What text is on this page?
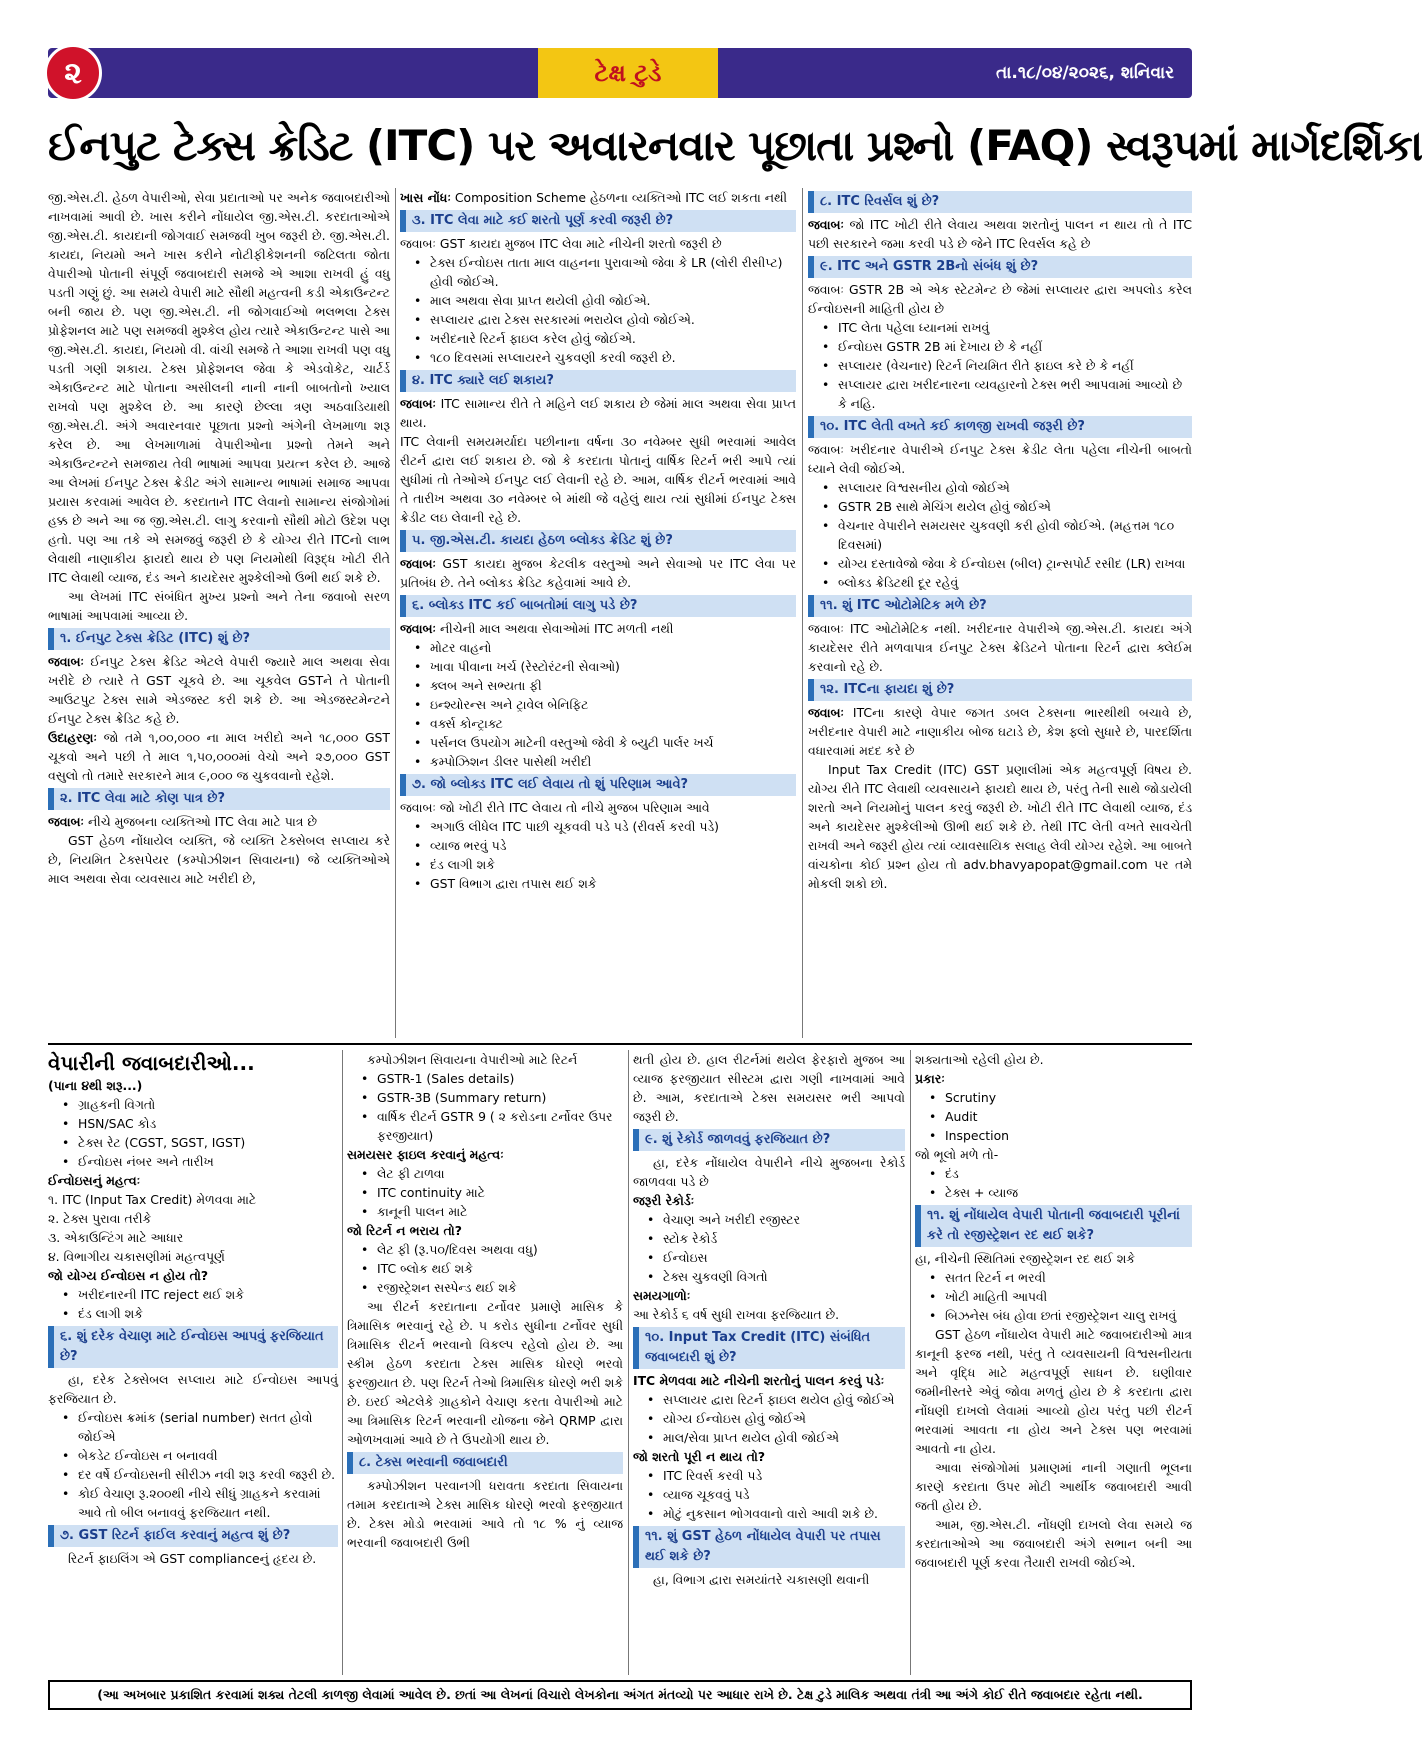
૨	ટેક્ષ ટુડે	તા.૧૮/૦૪/૨૦૨૬, શનિવાર
ઈનપુટ ટેક્સ ક્રેડિટ (ITC) પર અવારનવાર પૂછાતા પ્રશ્નો (FAQ) સ્વરૂપમાં માર્ગદર્શિકા

જી.એસ.ટી. હેઠળ વેપારીઓ, સેવા પ્રદાતાઓ પર અનેક જવાબદારીઓ નાખવામાં આવી છે. ખાસ કરીને નોંધાયેલ જી.એસ.ટી. કરદાતાઓએ જી.એસ.ટી. કાયદાની જોગવાઈ સમજવી ખુબ જરૂરી છે. જી.એસ.ટી. કાયદા, નિયમો અને ખાસ કરીને નોટીફીકેશનની જટિલતા જોતા વેપારીઓ પોતાની સંપૂર્ણ જવાબદારી સમજે એ આશા રાખવી હું વધુ પડતી ગણું છું. આ સમયે વેપારી માટે સૌથી મહત્વની કડી એકાઉન્ટન્ટ બની જાય છે. પણ જી.એસ.ટી. ની જોગવાઈઓ ભલભલા ટેક્સ પ્રોફેશનલ માટે પણ સમજવી મુશ્કેલ હોય ત્યારે એકાઉન્ટન્ટ પાસે આ જી.એસ.ટી. કાયદા, નિયમો વી. વાંચી સમજે તે આશા રાખવી પણ વધુ પડતી ગણી શકાય. ટેક્સ પ્રોફેશનલ જેવા કે એડવોકેટ, ચાર્ટર્ડ એકાઉન્ટન્ટ માટે પોતાના અસીલની નાની નાની બાબતોનો ખ્યાલ રાખવો પણ મુશ્કેલ છે. આ કારણે છેલ્લા ત્રણ અઠવાડિયાથી જી.એસ.ટી. અંગે અવારનવાર પૂછાતા પ્રશ્નો અંગેની લેખમાળા શરૂ કરેલ છે. આ લેખમાળામાં વેપારીઓના પ્રશ્નો તેમને અને એકાઉન્ટન્ટને સમજાય તેવી ભાષામાં આપવા પ્રયત્ન કરેલ છે. આજે આ લેખમાં ઈનપુટ ટેક્સ ક્રેડીટ અંગે સામાન્ય ભાષામાં સમાજ આપવા પ્રયાસ કરવામાં આવેલ છે. કરદાતાને ITC લેવાનો સામાન્ય સંજોગોમાં હક્ક છે અને આ જ જી.એસ.ટી. લાગુ કરવાનો સૌથી મોટો ઉદેશ પણ હતો. પણ આ તકે એ સમજવું જરૂરી છે કે યોગ્ય રીતે ITCનો લાભ લેવાથી નાણાકીય ફાયદો થાય છે પણ નિયમોથી વિરૂદ્ધ ખોટી રીતે ITC લેવાથી વ્યાજ, દંડ અને કાયદેસર મુશ્કેલીઓ ઉભી થઈ શકે છે.

આ લેખમાં ITC સંબંધિત મુખ્ય પ્રશ્નો અને તેના જવાબો સરળ ભાષામાં આપવામાં આવ્યા છે.

૧. ઈનપુટ ટેક્સ ક્રેડિટ (ITC) શું છે?

જવાબઃ ઈનપુટ ટેક્સ ક્રેડિટ એટલે વેપારી જ્યારે માલ અથવા સેવા ખરીદે છે ત્યારે તે GST ચૂકવે છે. આ ચૂકવેલ GSTને તે પોતાની આઉટપુટ ટેક્સ સામે એડજસ્ટ કરી શકે છે. આ એડજસ્ટમેન્ટને ઈનપુટ ટેક્સ ક્રેડિટ કહે છે.

ઉદાહરણઃ જો તમે ૧,૦૦,૦૦૦ ના માલ ખરીદો અને ૧૮,૦૦૦ GST ચૂકવો અને પછી તે માલ ૧,૫૦,૦૦૦માં વેચો અને ૨૭,૦૦૦ GST વસુલો તો તમારે સરકારને માત્ર ૯,૦૦૦ જ ચુકવવાનો રહેશે.

૨. ITC લેવા માટે કોણ પાત્ર છે?

જવાબઃ નીચે મુજબના વ્યક્તિઓ ITC લેવા માટે પાત્ર છે

GST હેઠળ નોંધાયેલ વ્યક્તિ, જે વ્યક્તિ ટેક્સેબલ સપ્લાય કરે છે, નિયમિત ટેક્સપેયર (કમ્પોઝીશન સિવાયના) જે વ્યક્તિઓએ માલ અથવા સેવા વ્યવસાય માટે ખરીદી છે,

ખાસ નોંધઃ Composition Scheme હેઠળના વ્યક્તિઓ ITC લઈ શકતા નથી

૩. ITC લેવા માટે કઈ શરતો પૂર્ણ કરવી જરૂરી છે?

જવાબઃ GST કાયદા મુજબ ITC લેવા માટે નીચેની શરતો જરૂરી છે

• ટેક્સ ઈન્વોઇસ તાતા માલ વાહનના પુરાવાઓ જેવા કે LR (લોરી રીસીપ્ટ) હોવી જોઈએ.
• માલ અથવા સેવા પ્રાપ્ત થયેલી હોવી જોઈએ.
• સપ્લાયર દ્વારા ટેક્સ સરકારમાં ભરાયેલ હોવો જોઈએ.
• ખરીદનારે રિટર્ન ફાઇલ કરેલ હોવું જોઈએ.
• ૧૮૦ દિવસમાં સપ્લાયરને ચુકવણી કરવી જરૂરી છે.
૪. ITC ક્યારે લઈ શકાય?

જવાબઃ ITC સામાન્ય રીતે તે મહિને લઈ શકાય છે જેમાં માલ અથવા સેવા પ્રાપ્ત થાય.

ITC લેવાની સમયમર્યાદા પછીનાના વર્ષના ૩૦ નવેમ્બર સુધી ભરવામાં આવેલ રીટર્ન દ્વારા લઈ શકાય છે. જો કે કરદાતા પોતાનું વાર્ષિક રિટર્ન ભરી આપે ત્યાં સુધીમાં તો તેઓએ ઈનપુટ લઈ લેવાની રહે છે. આમ, વાર્ષિક રીટર્ન ભરવામાં આવે તે તારીખ અથવા ૩૦ નવેમ્બર બે માંથી જે વહેલું થાય ત્યાં સુધીમાં ઈનપુટ ટેક્સ ક્રેડીટ લઇ લેવાની રહે છે.

૫. જી.એસ.ટી. કાયદા હેઠળ બ્લોક્ડ ક્રેડિટ શું છે?

જવાબઃ GST કાયદા મુજબ કેટલીક વસ્તુઓ અને સેવાઓ પર ITC લેવા પર પ્રતિબંધ છે. તેને બ્લોક્ડ ક્રેડિટ કહેવામાં આવે છે.

૬. બ્લોક્ડ ITC કઈ બાબતોમાં લાગુ પડે છે?

જવાબઃ નીચેની માલ અથવા સેવાઓમાં ITC મળતી નથી

• મોટર વાહનો
• ખાવા પીવાના ખર્ચ (રેસ્ટોરંટની સેવાઓ)
• ક્લબ અને સભ્યતા ફી
• ઇન્શ્યોરન્સ અને ટ્રાવેલ બેનિફિટ
• વર્ક્સ કોન્ટ્રાક્ટ
• પર્સનલ ઉપયોગ માટેની વસ્તુઓ જેવી કે બ્યુટી પાર્લર ખર્ચ
• કમ્પોઝિશન ડીલર પાસેથી ખરીદી
૭. જો બ્લોક્ડ ITC લઈ લેવાય તો શું પરિણામ આવે?

જવાબઃ જો ખોટી રીતે ITC લેવાય તો નીચે મુજબ પરિણામ આવે

• અગાઉ લીધેલ ITC પાછી ચૂકવવી પડે પડે (રીવર્સ કરવી પડે)
• વ્યાજ ભરવું પડે
• દંડ લાગી શકે
• GST વિભાગ દ્વારા તપાસ થઈ શકે
૮. ITC રિવર્સલ શું છે?

જવાબઃ જો ITC ખોટી રીતે લેવાય અથવા શરતોનું પાલન ન થાય તો તે ITC પછી સરકારને જમા કરવી પડે છે જેને ITC રિવર્સલ કહે છે

૯. ITC અને GSTR 2Bનો સંબંધ શું છે?

જવાબઃ GSTR 2B એ એક સ્ટેટમેન્ટ છે જેમાં સપ્લાયર દ્વારા અપલોડ કરેલ ઈન્વોઇસની માહિતી હોય છે

• ITC લેતા પહેલા ધ્યાનમાં રાખવું
• ઈન્વોઇસ GSTR 2B માં દેખાય છે કે નહીં
• સપ્લાયર (વેચનાર) રિટર્ન નિયમિત રીતે ફાઇલ કરે છે કે નહીં
• સપ્લાયર દ્વારા ખરીદનારના વ્યવહારનો ટેક્સ ભરી આપવામાં આવ્યો છે કે નહિ.
૧૦. ITC લેતી વખતે કઈ કાળજી રાખવી જરૂરી છે?

જવાબઃ ખરીદનાર વેપારીએ ઈનપુટ ટેક્સ ક્રેડીટ લેતા પહેલા નીચેની બાબતો ધ્યાને લેવી જોઈએ.

• સપ્લાયર વિશ્વસનીય હોવો જોઈએ
• GSTR 2B સાથે મેચિંગ થયેલ હોવું જોઈએ
• વેચનાર વેપારીને સમયસર ચુકવણી કરી હોવી જોઈએ. (મહત્તમ ૧૮૦ દિવસમાં)
• યોગ્ય દસ્તાવેજો જેવા કે ઈન્વોઇસ (બીલ) ટ્રાન્સપોર્ટ રસીદ (LR) રાખવા
• બ્લોક્ડ ક્રેડિટથી દૂર રહેવું
૧૧. શું ITC ઓટોમેટિક મળે છે?

જવાબઃ ITC ઓટોમેટિક નથી. ખરીદનાર વેપારીએ જી.એસ.ટી. કાયદા અંગે કાયદેસર રીતે મળવાપાત્ર ઈનપુટ ટેક્સ ક્રેડિટને પોતાના રિટર્ન દ્વારા ક્લેઈમ કરવાનો રહે છે.

૧૨. ITCના ફાયદા શું છે?

જવાબઃ ITCના કારણે વેપાર જગત ડબલ ટેક્સના ભારથીથી બચાવે છે, ખરીદનાર વેપારી માટે નાણાકીય બોજ ઘટાડે છે, કેશ ફ્લો સુધારે છે, પારદર્શિતા વધારવામાં મદદ કરે છે

Input Tax Credit (ITC) GST પ્રણાલીમાં એક મહત્વપૂર્ણ વિષય છે. યોગ્ય રીતે ITC લેવાથી વ્યવસાયને ફાયદો થાય છે, પરંતુ તેની સાથે જોડાયેલી શરતો અને નિયમોનું પાલન કરવું જરૂરી છે. ખોટી રીતે ITC લેવાથી વ્યાજ, દંડ અને કાયદેસર મુશ્કેલીઓ ઊભી થઈ શકે છે. તેથી ITC લેતી વખતે સાવચેતી રાખવી અને જરૂરી હોય ત્યાં વ્યાવસાયિક સલાહ લેવી યોગ્ય રહેશે. આ બાબતે વાંચકોના કોઈ પ્રશ્ન હોય તો adv.bhavyapopat@gmail.com પર તમે મોકલી શકો છો.

વેપારીની જવાબદારીઓ...

(પાના ૪થી શરૂ...)

• ગ્રાહકની વિગતો
• HSN/SAC કોડ
• ટેક્સ રેટ (CGST, SGST, IGST)
• ઈન્વોઇસ નંબર અને તારીખ

ઈન્વોઇસનું મહત્વઃ

૧. ITC (Input Tax Credit) મેળવવા માટે

૨. ટેક્સ પુરાવા તરીકે

૩. એકાઉન્ટિંગ માટે આધાર

૪. વિભાગીય ચકાસણીમાં મહત્વપૂર્ણ

જો યોગ્ય ઈન્વોઇસ ન હોય તો?

• ખરીદનારની ITC reject થઈ શકે
• દંડ લાગી શકે
૬. શું દરેક વેચાણ માટે ઈન્વોઇસ આપવું ફરજિયાત છે?

હા, દરેક ટેક્સેબલ સપ્લાય માટે ઈન્વોઇસ આપવું ફરજિયાત છે.

• ઈન્વોઇસ ક્રમાંક (serial number) સતત હોવો જોઈએ
• બેકડેટ ઈન્વોઇસ ન બનાવવી
• દર વર્ષે ઈન્વોઇસની સીરીઝ નવી શરૂ કરવી જરૂરી છે.
• કોઈ વેચાણ રૂ.૨૦૦થી નીચે સીધું ગ્રાહકને કરવામાં આવે તો બીલ બનાવવું ફરજિયાત નથી.
૭. GST રિટર્ન ફાઈલ કરવાનું મહત્વ શું છે?

રિટર્ન ફાઇલિંગ એ GST complianceનું હૃદય છે.

કમ્પોઝીશન સિવાયના વેપારીઓ માટે રિટર્ન

• GSTR-1 (Sales details)
• GSTR-3B (Summary return)
• વાર્ષિક રીટર્ન GSTR 9 ( ૨ કરોડના ટર્નોવર ઉપર ફરજીયાત)

સમયસર ફાઇલ કરવાનું મહત્વઃ

• લેટ ફી ટાળવા
• ITC continuity માટે
• કાનૂની પાલન માટે

જો રિટર્ન ન ભરાય તો?

• લેટ ફી (રૂ.૫૦/દિવસ અથવા વધુ)
• ITC બ્લોક થઈ શકે
• રજીસ્ટ્રેશન સસ્પેન્ડ થઈ શકે

આ રીટર્ન કરદાતાના ટર્નોવર પ્રમાણે માસિક કે ત્રિમાસિક ભરવાનું રહે છે. ૫ કરોડ સુધીના ટર્નોવર સુધી ત્રિમાસિક રીટર્ન ભરવાનો વિકલ્પ રહેલો હોય છે. આ સ્કીમ હેઠળ કરદાતા ટેક્સ માસિક ધોરણે ભરવો ફરજીયાત છે. પણ રિટર્ન તેઓ ત્રિમાસિક ધોરણે ભરી શકે છે. ઇરઈ એટલેકે ગ્રાહકોને વેચાણ કરતા વેપારીઓ માટે આ ત્રિમાસિક રિટર્ન ભરવાની યોજના જેને QRMP દ્વારા ઓળખવામાં આવે છે તે ઉપયોગી થાય છે.

૮. ટેક્સ ભરવાની જવાબદારી

કમ્પોઝીશન પરવાનગી ધરાવતા કરદાતા સિવાયના તમામ કરદાતાએ ટેક્સ માસિક ધોરણે ભરવો ફરજીયાત છે. ટેક્સ મોડો ભરવામાં આવે તો ૧૮ % નું વ્યાજ ભરવાની જવાબદારી ઉભી

થતી હોય છે. હાલ રીટર્નમાં થયેલ ફેરફારો મુજબ આ વ્યાજ ફરજીયાત સીસ્ટમ દ્વારા ગણી નાખવામાં આવે છે. આમ, કરદાતાએ ટેક્સ સમયસર ભરી આપવો જરૂરી છે.

૯. શું રેકોર્ડ જાળવવું ફરજિયાત છે?

હા, દરેક નોંધાયેલ વેપારીને નીચે મુજબના રેકોર્ડ જાળવવા પડે છે

જરૂરી રેકોર્ડઃ

• વેચાણ અને ખરીદી રજીસ્ટર
• સ્ટોક રેકોર્ડ
• ઈન્વોઇસ
• ટેક્સ ચુકવણી વિગતો

સમયગાળોઃ

આ રેકોર્ડ ૬ વર્ષ સુધી રાખવા ફરજિયાત છે.

૧૦. Input Tax Credit (ITC) સંબંધિત જવાબદારી શું છે?

ITC મેળવવા માટે નીચેની શરતોનું પાલન કરવું પડેઃ

• સપ્લાયર દ્વારા રિટર્ન ફાઇલ થયેલ હોવું જોઈએ
• યોગ્ય ઈન્વોઇસ હોવું જોઈએ
• માલ/સેવા પ્રાપ્ત થયેલ હોવી જોઈએ

જો શરતો પૂરી ન થાય તો?

• ITC રિવર્સ કરવી પડે
• વ્યાજ ચૂકવવું પડે
• મોટું નુકસાન ભોગવવાનો વારો આવી શકે છે.
૧૧. શું GST હેઠળ નોંધાયેલ વેપારી પર તપાસ થઈ શકે છે?

હા, વિભાગ દ્વારા સમયાંતરે ચકાસણી થવાની

શક્યતાઓ રહેલી હોય છે.

પ્રકારઃ

• Scrutiny
• Audit
• Inspection

જો ભૂલો મળે તો-

• દંડ
• ટેક્સ + વ્યાજ
૧૧. શું નોંધાયેલ વેપારી પોતાની જવાબદારી પૂરીનાં કરે તો રજીસ્ટ્રેશન રદ થઈ શકે?

હા, નીચેની સ્થિતિમાં રજીસ્ટ્રેશન રદ થઈ શકે

• સતત રિટર્ન ન ભરવી
• ખોટી માહિતી આપવી
• બિઝનેસ બંધ હોવા છતાં રજીસ્ટ્રેશન ચાલુ રાખવું

GST હેઠળ નોંધાયેલ વેપારી માટે જવાબદારીઓ માત્ર કાનૂની ફરજ નથી, પરંતુ તે વ્યવસાયની વિશ્વસનીયતા અને વૃદ્ધિ માટે મહત્વપૂર્ણ સાધન છે. ઘણીવાર જમીનીસ્તરે એવું જોવા મળતું હોય છે કે કરદાતા દ્વારા નોંધણી દાખલો લેવામાં આવ્યો હોય પરંતુ પછી રીટર્ન ભરવામાં આવતા ના હોય અને ટેક્સ પણ ભરવામાં આવતો ના હોય.

આવા સંજોગોમાં પ્રમાણમાં નાની ગણાતી ભૂલના કારણે કરદાતા ઉપર મોટી આર્થીક જવાબદારી આવી જતી હોય છે.

આમ, જી.એસ.ટી. નોંધણી દાખલો લેવા સમયે જ કરદાતાઓએ આ જવાબદારી અંગે સભાન બની આ જવાબદારી પૂર્ણ કરવા તૈયારી રાખવી જોઈએ.

(આ અખબાર પ્રકાશિત કરવામાં શક્ય તેટલી કાળજી લેવામાં આવેલ છે. છતાં આ લેખનાં વિચારો લેખકોના અંગત મંતવ્યો પર આધાર રાખે છે. ટેક્ષ ટુડે માલિક અથવા તંત્રી આ અંગે કોઈ રીતે જવાબદાર રહેતા નથી.
